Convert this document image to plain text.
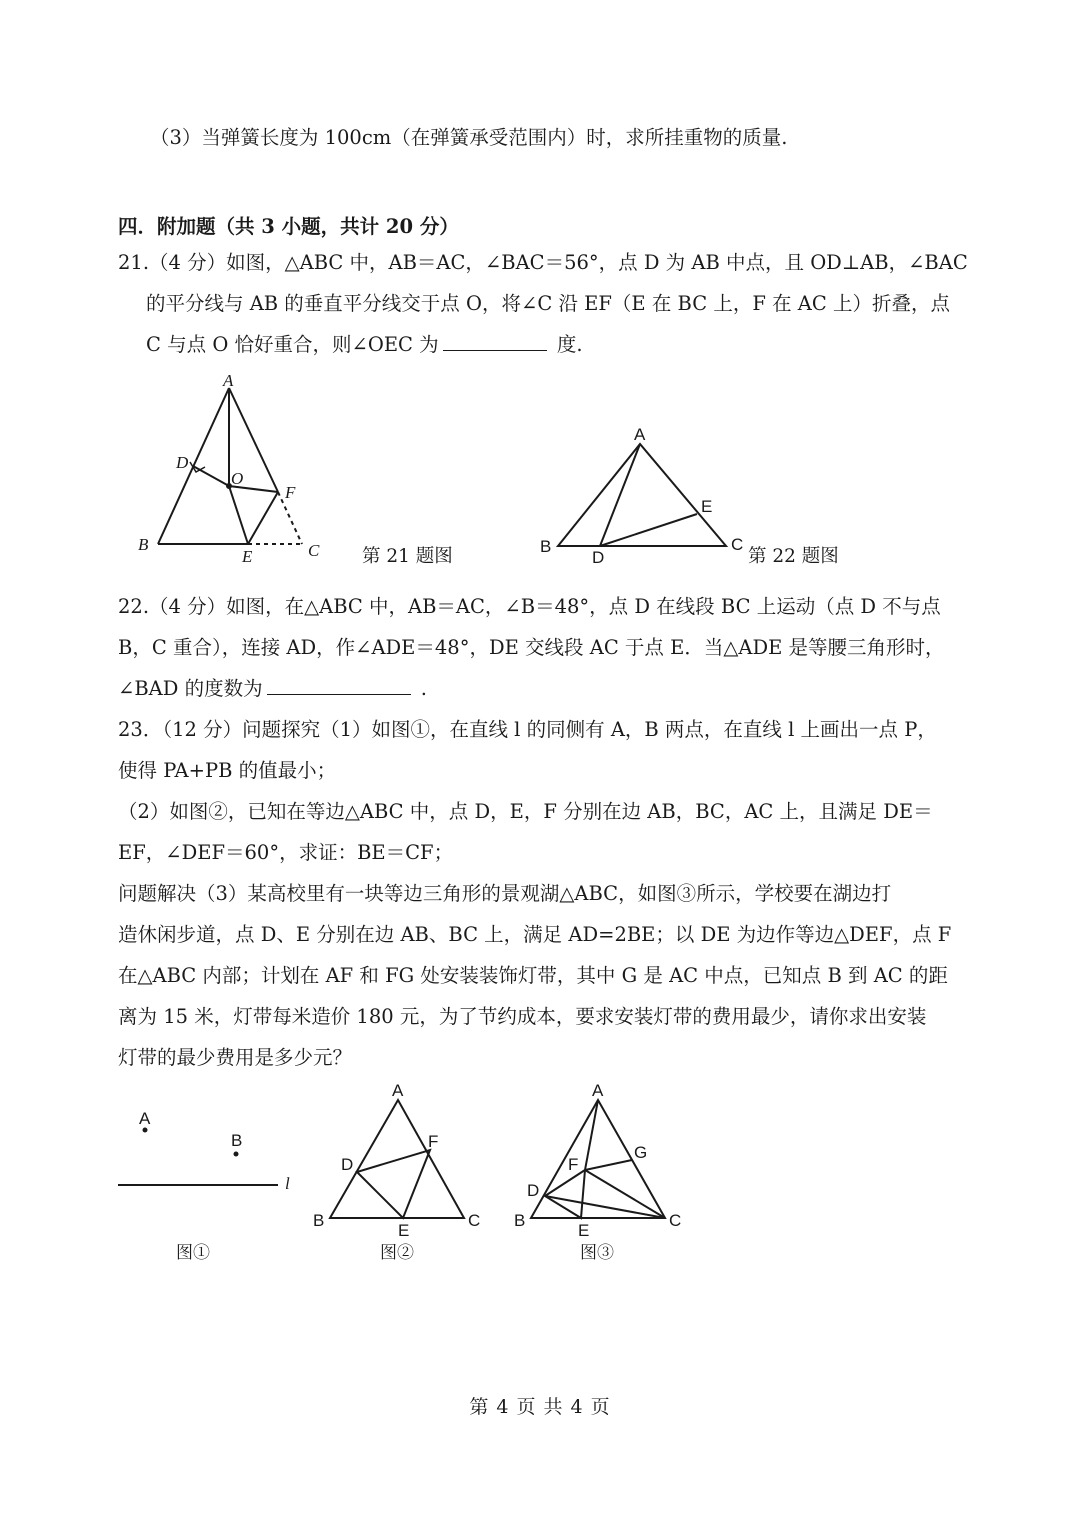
（3）当弹簧长度为 100cm（在弹簧承受范围内）时，求所挂重物的质量.
四．附加题（共 3 小题，共计 20 分）
21.（4 分）如图，△ABC 中，AB＝AC，∠BAC＝56°，点 D 为 AB 中点，且 OD⊥AB，∠BAC
的平分线与 AB 的垂直平分线交于点 O，将∠C 沿 EF（E 在 BC 上，F 在 AC 上）折叠，点
C 与点 O 恰好重合，则∠OEC 为	度.
22.（4 分）如图，在△ABC 中，AB＝AC，∠B＝48°，点 D 在线段 BC 上运动（点 D 不与点
B，C 重合），连接 AD，作∠ADE＝48°，DE 交线段 AC 于点 E．当△ADE 是等腰三角形时，
∠BAD 的度数为	.
23．（12 分）问题探究（1）如图①，在直线 l 的同侧有 A，B 两点，在直线 l 上画出一点 P，
使得 PA+PB 的值最小；
（2）如图②，已知在等边△ABC 中，点 D，E，F 分别在边 AB，BC，AC 上，且满足 DE＝
EF，∠DEF＝60°，求证：BE＝CF；
问题解决（3）某高校里有一块等边三角形的景观湖△ABC，如图③所示，学校要在湖边打
造休闲步道，点 D、E 分别在边 AB、BC 上，满足 AD=2BE；以 DE 为边作等边△DEF，点 F
在△ABC 内部；计划在 AF 和 FG 处安装装饰灯带，其中 G 是 AC 中点，已知点 B 到 AC 的距
离为 15 米，灯带每米造价 180 元，为了节约成本，要求安装灯带的费用最少，请你求出安装
灯带的最少费用是多少元？
第 21 题图	第 22 题图
A
D
O
F
B
E	C
A
E
B
D
C
A
B
l
图①
A
F
D
B
E
C
图②
A
G
F
D
B
E
C
图③
第 4 页 共 4 页
